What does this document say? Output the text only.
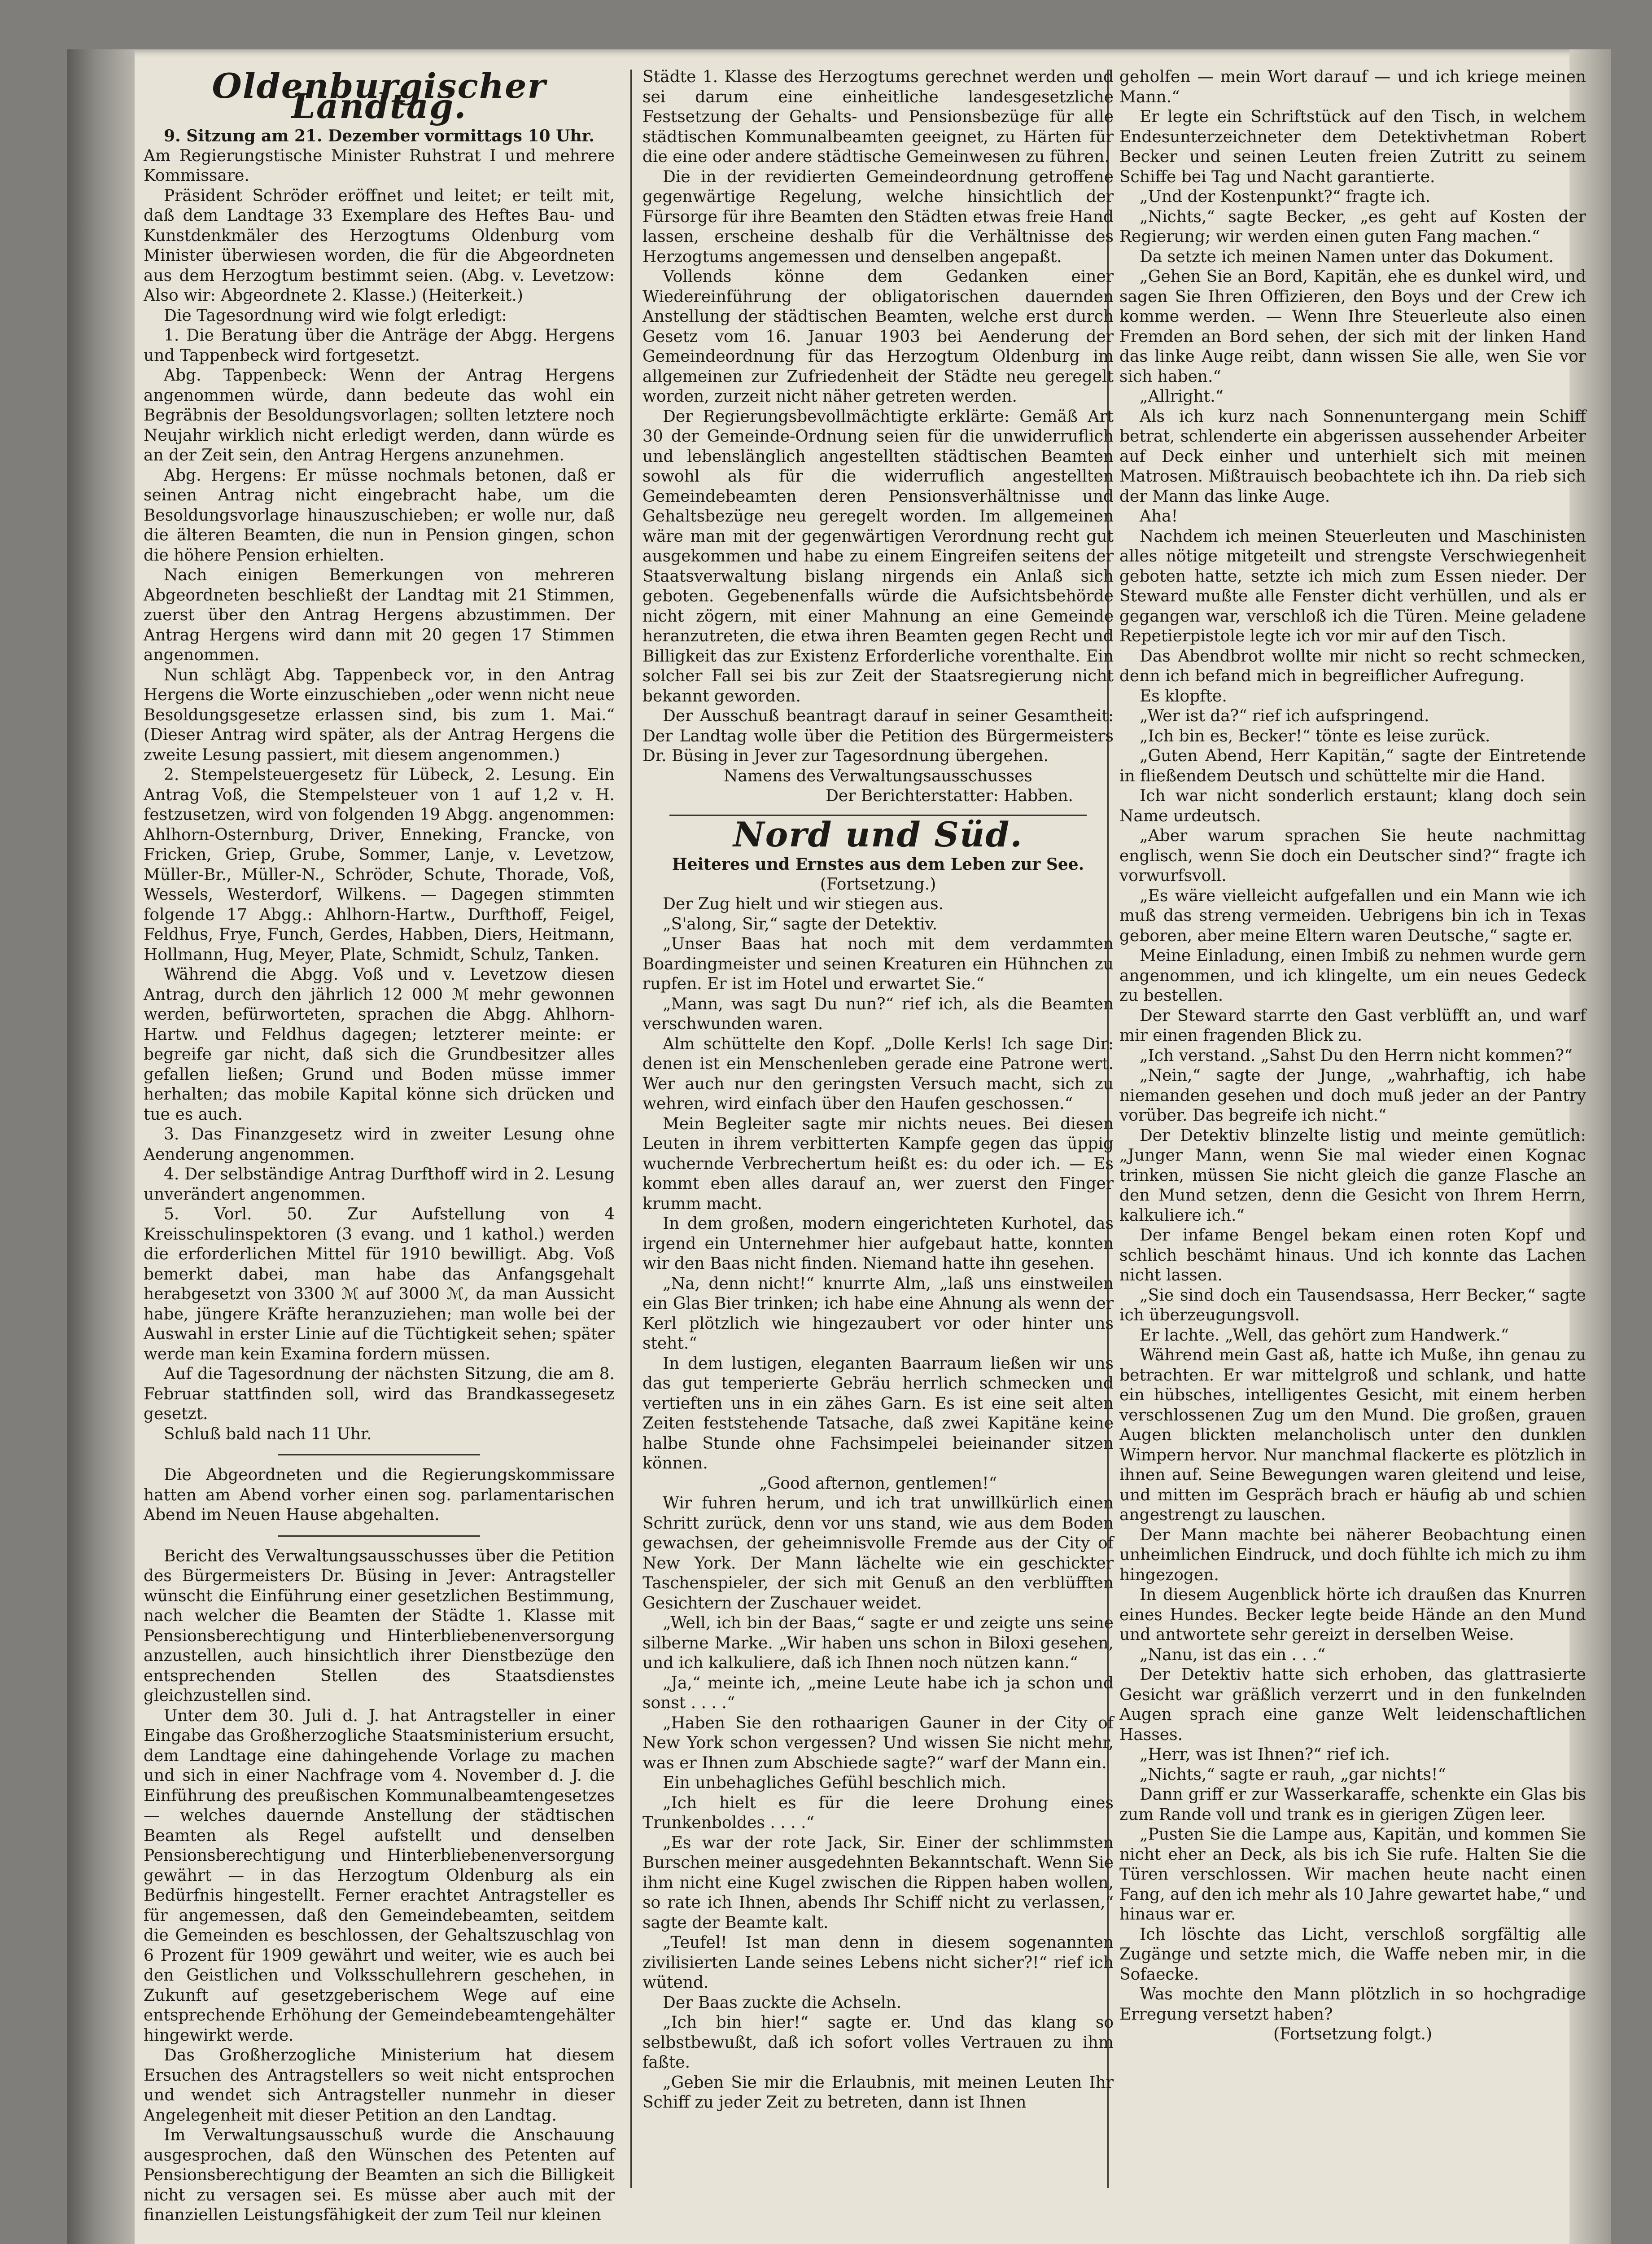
Oldenburgischer Landtag.

9. Sitzung am 21. Dezember vormittags 10 Uhr.

Am Regierungstische Minister Ruhstrat I und mehrere Kommissare.

Präsident Schröder eröffnet und leitet; er teilt mit, daß dem Landtage 33 Exemplare des Heftes Bau- und Kunstdenkmäler des Herzogtums Oldenburg vom Minister überwiesen worden, die für die Abgeordneten aus dem Herzogtum bestimmt seien. (Abg. v. Levetzow: Also wir: Abgeordnete 2. Klasse.) (Heiterkeit.)

Die Tagesordnung wird wie folgt erledigt:

1. Die Beratung über die Anträge der Abgg. Hergens und Tappenbeck wird fortgesetzt.

Abg. Tappenbeck: Wenn der Antrag Hergens angenommen würde, dann bedeute das wohl ein Begräbnis der Besoldungsvorlagen; sollten letztere noch Neujahr wirklich nicht erledigt werden, dann würde es an der Zeit sein, den Antrag Hergens anzunehmen.

Abg. Hergens: Er müsse nochmals betonen, daß er seinen Antrag nicht eingebracht habe, um die Besoldungsvorlage hinauszuschieben; er wolle nur, daß die älteren Beamten, die nun in Pension gingen, schon die höhere Pension erhielten.

Nach einigen Bemerkungen von mehreren Abgeordneten beschließt der Landtag mit 21 Stimmen, zuerst über den Antrag Hergens abzustimmen. Der Antrag Hergens wird dann mit 20 gegen 17 Stimmen angenommen.

Nun schlägt Abg. Tappenbeck vor, in den Antrag Hergens die Worte einzuschieben „oder wenn nicht neue Besoldungsgesetze erlassen sind, bis zum 1. Mai.“ (Dieser Antrag wird später, als der Antrag Hergens die zweite Lesung passiert, mit diesem angenommen.)

2. Stempelsteuergesetz für Lübeck, 2. Lesung. Ein Antrag Voß, die Stempelsteuer von 1 auf 1,2 v. H. festzusetzen, wird von folgenden 19 Abgg. angenommen: Ahlhorn-Osternburg, Driver, Enneking, Francke, von Fricken, Griep, Grube, Sommer, Lanje, v. Levetzow, Müller-Br., Müller-N., Schröder, Schute, Thorade, Voß, Wessels, Westerdorf, Wilkens. — Dagegen stimmten folgende 17 Abgg.: Ahlhorn-Hartw., Durfthoff, Feigel, Feldhus, Frye, Funch, Gerdes, Habben, Diers, Heitmann, Hollmann, Hug, Meyer, Plate, Schmidt, Schulz, Tanken.

Während die Abgg. Voß und v. Levetzow diesen Antrag, durch den jährlich 12 000 ℳ mehr gewonnen werden, befürworteten, sprachen die Abgg. Ahlhorn-Hartw. und Feldhus dagegen; letzterer meinte: er begreife gar nicht, daß sich die Grundbesitzer alles gefallen ließen; Grund und Boden müsse immer herhalten; das mobile Kapital könne sich drücken und tue es auch.

3. Das Finanzgesetz wird in zweiter Lesung ohne Aenderung angenommen.

4. Der selbständige Antrag Durfthoff wird in 2. Lesung unverändert angenommen.

5. Vorl. 50. Zur Aufstellung von 4 Kreisschulinspektoren (3 evang. und 1 kathol.) werden die erforderlichen Mittel für 1910 bewilligt. Abg. Voß bemerkt dabei, man habe das Anfangsgehalt herabgesetzt von 3300 ℳ auf 3000 ℳ, da man Aussicht habe, jüngere Kräfte heranzuziehen; man wolle bei der Auswahl in erster Linie auf die Tüchtigkeit sehen; später werde man kein Examina fordern müssen.

Auf die Tagesordnung der nächsten Sitzung, die am 8. Februar stattfinden soll, wird das Brandkassegesetz gesetzt.

Schluß bald nach 11 Uhr.

Die Abgeordneten und die Regierungskommissare hatten am Abend vorher einen sog. parlamentarischen Abend im Neuen Hause abgehalten.

Bericht des Verwaltungsausschusses über die Petition des Bürgermeisters Dr. Büsing in Jever: Antragsteller wünscht die Einführung einer gesetzlichen Bestimmung, nach welcher die Beamten der Städte 1. Klasse mit Pensionsberechtigung und Hinterbliebenenversorgung anzustellen, auch hinsichtlich ihrer Dienstbezüge den entsprechenden Stellen des Staatsdienstes gleichzustellen sind.

Unter dem 30. Juli d. J. hat Antragsteller in einer Eingabe das Großherzogliche Staatsministerium ersucht, dem Landtage eine dahingehende Vorlage zu machen und sich in einer Nachfrage vom 4. November d. J. die Einführung des preußischen Kommunalbeamtengesetzes — welches dauernde Anstellung der städtischen Beamten als Regel aufstellt und denselben Pensionsberechtigung und Hinterbliebenenversorgung gewährt — in das Herzogtum Oldenburg als ein Bedürfnis hingestellt. Ferner erachtet Antragsteller es für angemessen, daß den Gemeindebeamten, seitdem die Gemeinden es beschlossen, der Gehaltszuschlag von 6 Prozent für 1909 gewährt und weiter, wie es auch bei den Geistlichen und Volksschullehrern geschehen, in Zukunft auf gesetzgeberischem Wege auf eine entsprechende Erhöhung der Gemeindebeamtengehälter hingewirkt werde.

Das Großherzogliche Ministerium hat diesem Ersuchen des Antragstellers so weit nicht entsprochen und wendet sich Antragsteller nunmehr in dieser Angelegenheit mit dieser Petition an den Landtag.

Im Verwaltungsausschuß wurde die Anschauung ausgesprochen, daß den Wünschen des Petenten auf Pensionsberechtigung der Beamten an sich die Billigkeit nicht zu versagen sei. Es müsse aber auch mit der finanziellen Leistungsfähigkeit der zum Teil nur kleinen

Städte 1. Klasse des Herzogtums gerechnet werden und sei darum eine einheitliche landesgesetzliche Festsetzung der Gehalts- und Pensionsbezüge für alle städtischen Kommunalbeamten geeignet, zu Härten für die eine oder andere städtische Gemeinwesen zu führen.

Die in der revidierten Gemeindeordnung getroffene gegenwärtige Regelung, welche hinsichtlich der Fürsorge für ihre Beamten den Städten etwas freie Hand lassen, erscheine deshalb für die Verhältnisse des Herzogtums angemessen und denselben angepaßt.

Vollends könne dem Gedanken einer Wiedereinführung der obligatorischen dauernden Anstellung der städtischen Beamten, welche erst durch Gesetz vom 16. Januar 1903 bei Aenderung der Gemeindeordnung für das Herzogtum Oldenburg im allgemeinen zur Zufriedenheit der Städte neu geregelt worden, zurzeit nicht näher getreten werden.

Der Regierungsbevollmächtigte erklärte: Gemäß Art 30 der Gemeinde-Ordnung seien für die unwiderruflich und lebenslänglich angestellten städtischen Beamten sowohl als für die widerruflich angestellten Gemeindebeamten deren Pensionsverhältnisse und Gehaltsbezüge neu geregelt worden. Im allgemeinen wäre man mit der gegenwärtigen Verordnung recht gut ausgekommen und habe zu einem Eingreifen seitens der Staatsverwaltung bislang nirgends ein Anlaß sich geboten. Gegebenenfalls würde die Aufsichtsbehörde nicht zögern, mit einer Mahnung an eine Gemeinde heranzutreten, die etwa ihren Beamten gegen Recht und Billigkeit das zur Existenz Erforderliche vorenthalte. Ein solcher Fall sei bis zur Zeit der Staatsregierung nicht bekannt geworden.

Der Ausschuß beantragt darauf in seiner Gesamtheit: Der Landtag wolle über die Petition des Bürgermeisters Dr. Büsing in Jever zur Tagesordnung übergehen.

Namens des Verwaltungsausschusses

Der Berichterstatter: Habben.

Nord und Süd.

Heiteres und Ernstes aus dem Leben zur See.

(Fortsetzung.)

Der Zug hielt und wir stiegen aus.

„S'along, Sir,“ sagte der Detektiv.

„Unser Baas hat noch mit dem verdammten Boardingmeister und seinen Kreaturen ein Hühnchen zu rupfen. Er ist im Hotel und erwartet Sie.“

„Mann, was sagt Du nun?“ rief ich, als die Beamten verschwunden waren.

Alm schüttelte den Kopf. „Dolle Kerls! Ich sage Dir: denen ist ein Menschenleben gerade eine Patrone wert. Wer auch nur den geringsten Versuch macht, sich zu wehren, wird einfach über den Haufen geschossen.“

Mein Begleiter sagte mir nichts neues. Bei diesen Leuten in ihrem verbitterten Kampfe gegen das üppig wuchernde Verbrechertum heißt es: du oder ich. — Es kommt eben alles darauf an, wer zuerst den Finger krumm macht.

In dem großen, modern eingerichteten Kurhotel, das irgend ein Unternehmer hier aufgebaut hatte, konnten wir den Baas nicht finden. Niemand hatte ihn gesehen.

„Na, denn nicht!“ knurrte Alm, „laß uns einstweilen ein Glas Bier trinken; ich habe eine Ahnung als wenn der Kerl plötzlich wie hingezaubert vor oder hinter uns steht.“

In dem lustigen, eleganten Baarraum ließen wir uns das gut temperierte Gebräu herrlich schmecken und vertieften uns in ein zähes Garn. Es ist eine seit alten Zeiten feststehende Tatsache, daß zwei Kapitäne keine halbe Stunde ohne Fachsimpelei beieinander sitzen können.

„Good afternon, gentlemen!“

Wir fuhren herum, und ich trat unwillkürlich einen Schritt zurück, denn vor uns stand, wie aus dem Boden gewachsen, der geheimnisvolle Fremde aus der City of New York. Der Mann lächelte wie ein geschickter Taschenspieler, der sich mit Genuß an den verblüfften Gesichtern der Zuschauer weidet.

„Well, ich bin der Baas,“ sagte er und zeigte uns seine silberne Marke. „Wir haben uns schon in Biloxi gesehen, und ich kalkuliere, daß ich Ihnen noch nützen kann.“

„Ja,“ meinte ich, „meine Leute habe ich ja schon und sonst . . . .“

„Haben Sie den rothaarigen Gauner in der City of New York schon vergessen? Und wissen Sie nicht mehr, was er Ihnen zum Abschiede sagte?“ warf der Mann ein.

Ein unbehagliches Gefühl beschlich mich.

„Ich hielt es für die leere Drohung eines Trunkenboldes . . . .“

„Es war der rote Jack, Sir. Einer der schlimmsten Burschen meiner ausgedehnten Bekanntschaft. Wenn Sie ihm nicht eine Kugel zwischen die Rippen haben wollen, so rate ich Ihnen, abends Ihr Schiff nicht zu verlassen,“ sagte der Beamte kalt.

„Teufel! Ist man denn in diesem sogenannten zivilisierten Lande seines Lebens nicht sicher?!“ rief ich wütend.

Der Baas zuckte die Achseln.

„Ich bin hier!“ sagte er. Und das klang so selbstbewußt, daß ich sofort volles Vertrauen zu ihm faßte.

„Geben Sie mir die Erlaubnis, mit meinen Leuten Ihr Schiff zu jeder Zeit zu betreten, dann ist Ihnen

geholfen — mein Wort darauf — und ich kriege meinen Mann.“

Er legte ein Schriftstück auf den Tisch, in welchem Endesunterzeichneter dem Detektivhetman Robert Becker und seinen Leuten freien Zutritt zu seinem Schiffe bei Tag und Nacht garantierte.

„Und der Kostenpunkt?“ fragte ich.

„Nichts,“ sagte Becker, „es geht auf Kosten der Regierung; wir werden einen guten Fang machen.“

Da setzte ich meinen Namen unter das Dokument.

„Gehen Sie an Bord, Kapitän, ehe es dunkel wird, und sagen Sie Ihren Offizieren, den Boys und der Crew ich komme werden. — Wenn Ihre Steuerleute also einen Fremden an Bord sehen, der sich mit der linken Hand das linke Auge reibt, dann wissen Sie alle, wen Sie vor sich haben.“

„Allright.“

Als ich kurz nach Sonnenuntergang mein Schiff betrat, schlenderte ein abgerissen aussehender Arbeiter auf Deck einher und unterhielt sich mit meinen Matrosen. Mißtrauisch beobachtete ich ihn. Da rieb sich der Mann das linke Auge.

Aha!

Nachdem ich meinen Steuerleuten und Maschinisten alles nötige mitgeteilt und strengste Verschwiegenheit geboten hatte, setzte ich mich zum Essen nieder. Der Steward mußte alle Fenster dicht verhüllen, und als er gegangen war, verschloß ich die Türen. Meine geladene Repetierpistole legte ich vor mir auf den Tisch.

Das Abendbrot wollte mir nicht so recht schmecken, denn ich befand mich in begreiflicher Aufregung.

Es klopfte.

„Wer ist da?“ rief ich aufspringend.

„Ich bin es, Becker!“ tönte es leise zurück.

„Guten Abend, Herr Kapitän,“ sagte der Eintretende in fließendem Deutsch und schüttelte mir die Hand.

Ich war nicht sonderlich erstaunt; klang doch sein Name urdeutsch.

„Aber warum sprachen Sie heute nachmittag englisch, wenn Sie doch ein Deutscher sind?“ fragte ich vorwurfsvoll.

„Es wäre vielleicht aufgefallen und ein Mann wie ich muß das streng vermeiden. Uebrigens bin ich in Texas geboren, aber meine Eltern waren Deutsche,“ sagte er.

Meine Einladung, einen Imbiß zu nehmen wurde gern angenommen, und ich klingelte, um ein neues Gedeck zu bestellen.

Der Steward starrte den Gast verblüfft an, und warf mir einen fragenden Blick zu.

„Ich verstand. „Sahst Du den Herrn nicht kommen?“

„Nein,“ sagte der Junge, „wahrhaftig, ich habe niemanden gesehen und doch muß jeder an der Pantry vorüber. Das begreife ich nicht.“

Der Detektiv blinzelte listig und meinte gemütlich: „Junger Mann, wenn Sie mal wieder einen Kognac trinken, müssen Sie nicht gleich die ganze Flasche an den Mund setzen, denn die Gesicht von Ihrem Herrn, kalkuliere ich.“

Der infame Bengel bekam einen roten Kopf und schlich beschämt hinaus. Und ich konnte das Lachen nicht lassen.

„Sie sind doch ein Tausendsassa, Herr Becker,“ sagte ich überzeugungsvoll.

Er lachte. „Well, das gehört zum Handwerk.“

Während mein Gast aß, hatte ich Muße, ihn genau zu betrachten. Er war mittelgroß und schlank, und hatte ein hübsches, intelligentes Gesicht, mit einem herben verschlossenen Zug um den Mund. Die großen, grauen Augen blickten melancholisch unter den dunklen Wimpern hervor. Nur manchmal flackerte es plötzlich in ihnen auf. Seine Bewegungen waren gleitend und leise, und mitten im Gespräch brach er häufig ab und schien angestrengt zu lauschen.

Der Mann machte bei näherer Beobachtung einen unheimlichen Eindruck, und doch fühlte ich mich zu ihm hingezogen.

In diesem Augenblick hörte ich draußen das Knurren eines Hundes. Becker legte beide Hände an den Mund und antwortete sehr gereizt in derselben Weise.

„Nanu, ist das ein . . .“

Der Detektiv hatte sich erhoben, das glattrasierte Gesicht war gräßlich verzerrt und in den funkelnden Augen sprach eine ganze Welt leidenschaftlichen Hasses.

„Herr, was ist Ihnen?“ rief ich.

„Nichts,“ sagte er rauh, „gar nichts!“

Dann griff er zur Wasserkaraffe, schenkte ein Glas bis zum Rande voll und trank es in gierigen Zügen leer.

„Pusten Sie die Lampe aus, Kapitän, und kommen Sie nicht eher an Deck, als bis ich Sie rufe. Halten Sie die Türen verschlossen. Wir machen heute nacht einen Fang, auf den ich mehr als 10 Jahre gewartet habe,“ und hinaus war er.

Ich löschte das Licht, verschloß sorgfältig alle Zugänge und setzte mich, die Waffe neben mir, in die Sofaecke.

Was mochte den Mann plötzlich in so hochgradige Erregung versetzt haben?

(Fortsetzung folgt.)
